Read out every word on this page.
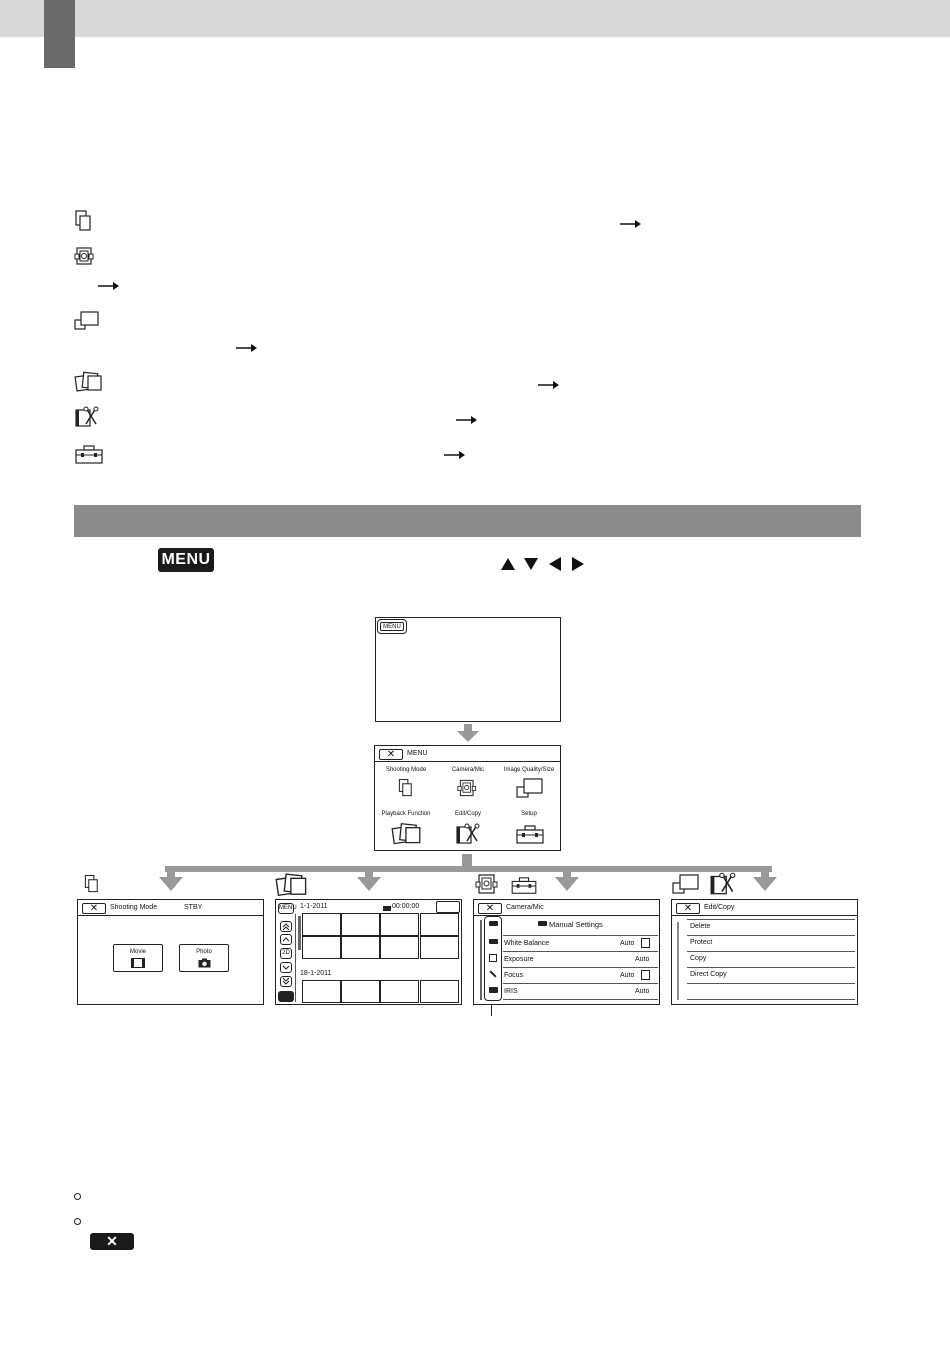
MENU
MENU
✕	MENU
Shooting Mode	Camera/Mic	Image Quality/Size
Playback Function	Edit/Copy	Setup
✕	Shooting Mode	STBY
Movie	Photo
MENU
2D
1-1-2011	00:00:00
18-1-2011
✕	Camera/Mic
Manual Settings
White Balance	Auto
Exposure	Auto
Focus	Auto
IRIS	Auto
✕	Edit/Copy
Delete
Protect
Copy
Direct Copy
✕
